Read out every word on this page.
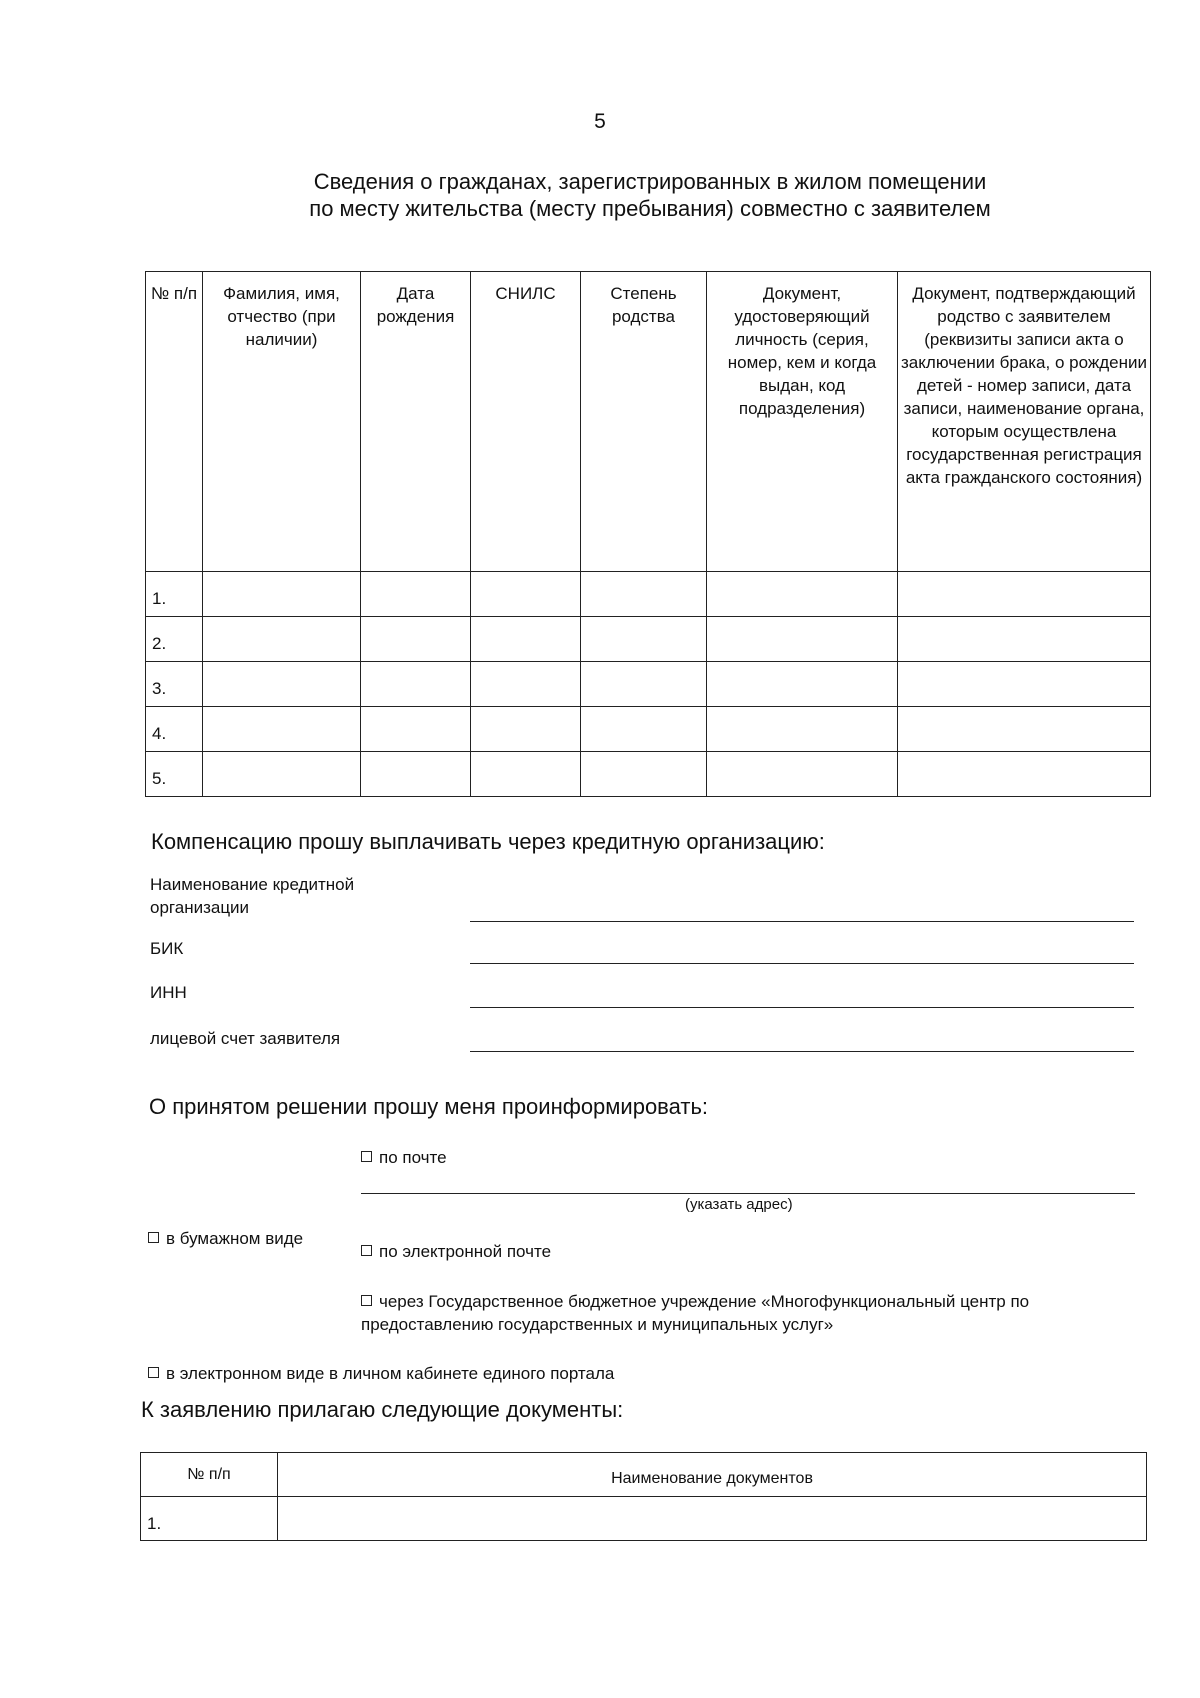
5
Сведения о гражданах, зарегистрированных в жилом помещении
по месту жительства (месту пребывания) совместно с заявителем
№ п/п	Фамилия, имя, отчество (при наличии)	Дата рождения	СНИЛС	Степень родства	Документ, удостоверяющий личность (серия, номер, кем и когда выдан, код подразделения)	Документ, подтверждающий родство с заявителем (реквизиты записи акта о заключении брака, о рождении детей - номер записи, дата записи, наименование органа, которым осуществлена государственная регистрация акта гражданского состояния)
1.						
2.						
3.						
4.						
5.						
Компенсацию прошу выплачивать через кредитную организацию:
Наименование кредитной организации
БИК
ИНН
лицевой счет заявителя
О принятом решении прошу меня проинформировать:
по почте
(указать адрес)
в бумажном виде
по электронной почте
через Государственное бюджетное учреждение «Многофункциональный центр по предоставлению государственных и муниципальных услуг»
в электронном виде в личном кабинете единого портала
К заявлению прилагаю следующие документы:
№ п/п	Наименование документов
1.	
